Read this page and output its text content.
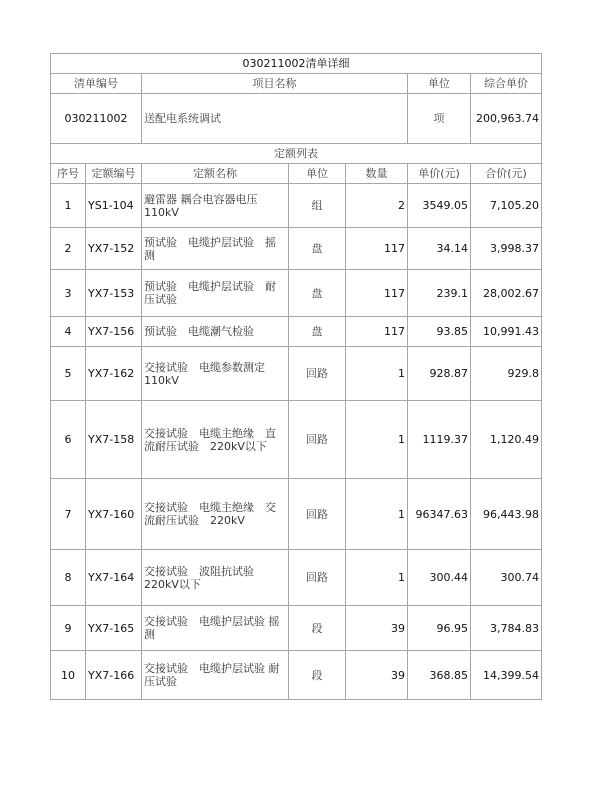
030211002清单详细						
清单编号		项目名称			单位	综合单价
030211002		送配电系统调试			项	200,963.74
定额列表						
序号	定额编号	定额名称	单位	数量	单价(元)	合价(元)
1	YS1-104	避雷器 耦合电容器电压 110kV	组	2	3549.05	7,105.20
2	YX7-152	预试验　电缆护层试验　摇测	盘	117	34.14	3,998.37
3	YX7-153	预试验　电缆护层试验　耐压试验	盘	117	239.1	28,002.67
4	YX7-156	预试验　电缆潮气检验	盘	117	93.85	10,991.43
5	YX7-162	交接试验　电缆参数测定 110kV	回路	1	928.87	929.8
6	YX7-158	交接试验　电缆主绝缘　直流耐压试验　220kV以下	回路	1	1119.37	1,120.49
7	YX7-160	交接试验　电缆主绝缘　交流耐压试验　220kV	回路	1	96347.63	96,443.98
8	YX7-164	交接试验　波阻抗试验 220kV以下	回路	1	300.44	300.74
9	YX7-165	交接试验　电缆护层试验 摇测	段	39	96.95	3,784.83
10	YX7-166	交接试验　电缆护层试验 耐压试验	段	39	368.85	14,399.54
